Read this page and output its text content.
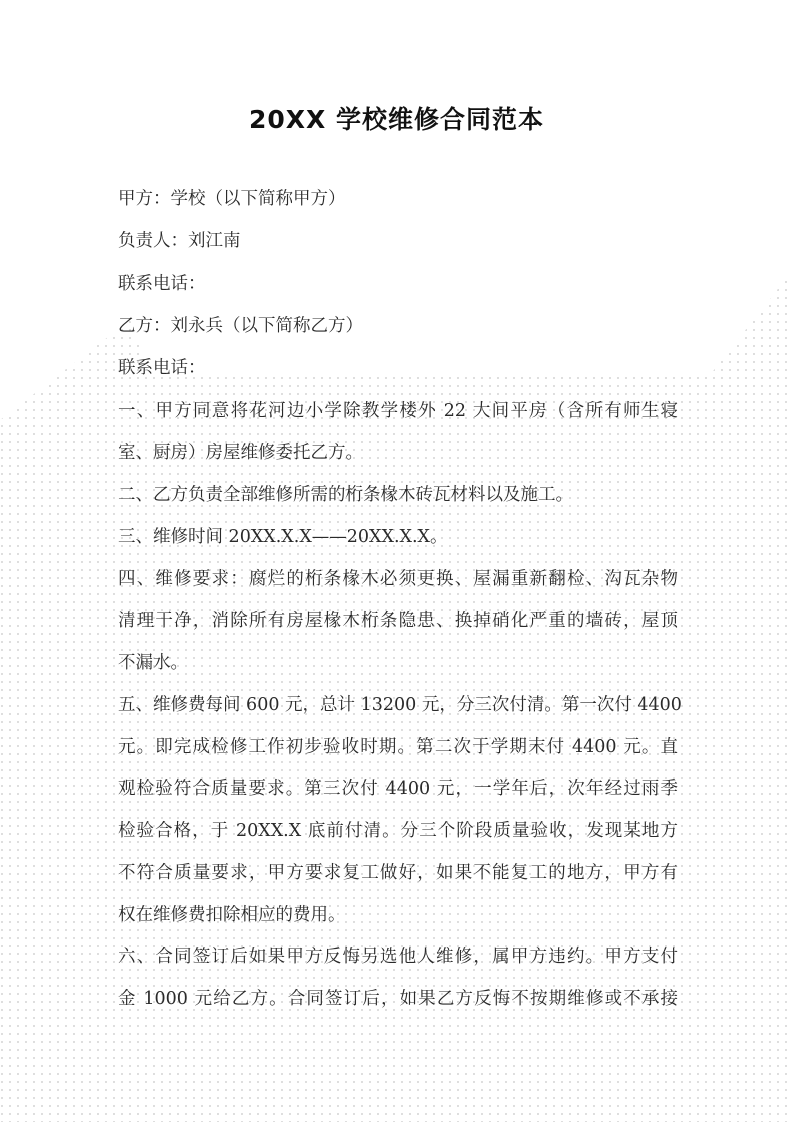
20XX 学校维修合同范本
甲方：学校（以下简称甲方）
负责人：刘江南
联系电话：
乙方：刘永兵（以下简称乙方）
联系电话：
一、甲方同意将花河边小学除教学楼外 22 大间平房（含所有师生寝
室、厨房）房屋维修委托乙方。
二、乙方负责全部维修所需的桁条椽木砖瓦材料以及施工。
三、维修时间 20XX.X.X——20XX.X.X。
四、维修要求：腐烂的桁条椽木必须更换、屋漏重新翻检、沟瓦杂物
清理干净，消除所有房屋椽木桁条隐患、换掉硝化严重的墙砖，屋顶
不漏水。
五、维修费每间 600 元，总计 13200 元，分三次付清。第一次付 4400
元。即完成检修工作初步验收时期。第二次于学期末付 4400 元。直
观检验符合质量要求。第三次付 4400 元，一学年后，次年经过雨季
检验合格，于 20XX.X 底前付清。分三个阶段质量验收，发现某地方
不符合质量要求，甲方要求复工做好，如果不能复工的地方，甲方有
权在维修费扣除相应的费用。
六、合同签订后如果甲方反悔另选他人维修，属甲方违约。甲方支付
金 1000 元给乙方。合同签订后，如果乙方反悔不按期维修或不承接
